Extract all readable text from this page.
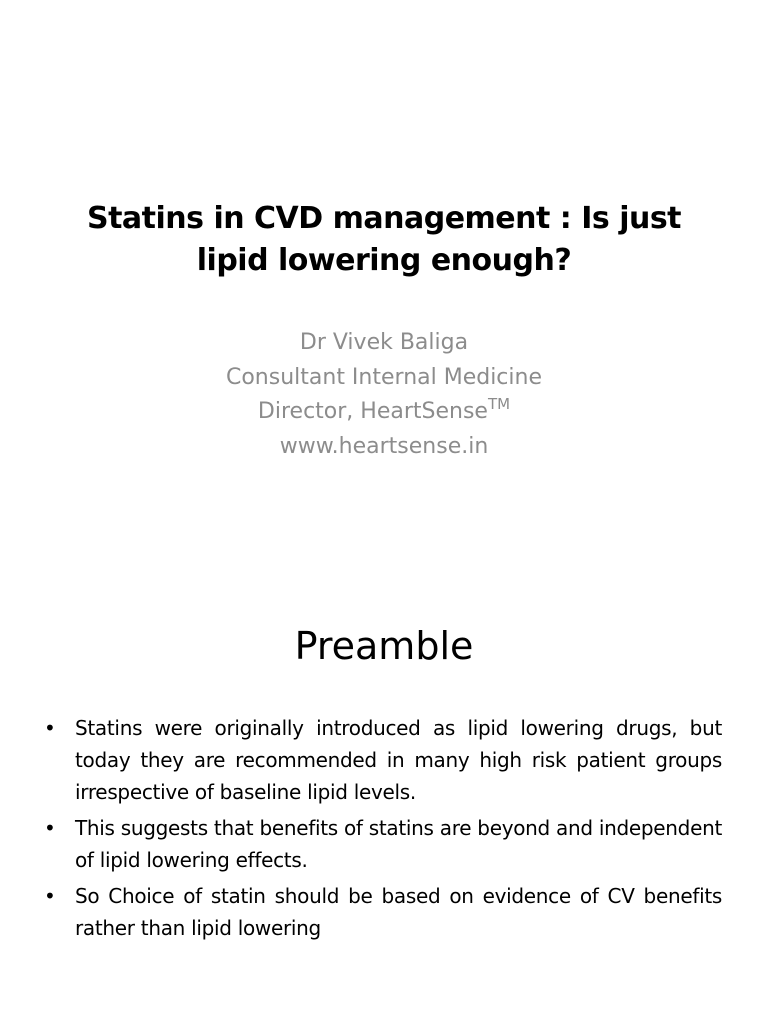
Statins in CVD management : Is just
lipid lowering enough?
Dr Vivek Baliga
Consultant Internal Medicine
Director, HeartSense™
www.heartsense.in
Preamble
• Statins were originally introduced as lipid lowering drugs, but today they are recommended in many high risk patient groups irrespective of baseline lipid levels.
• This suggests that benefits of statins are beyond and independent of lipid lowering effects.
• So Choice of statin should be based on evidence of CV benefits rather than lipid lowering
